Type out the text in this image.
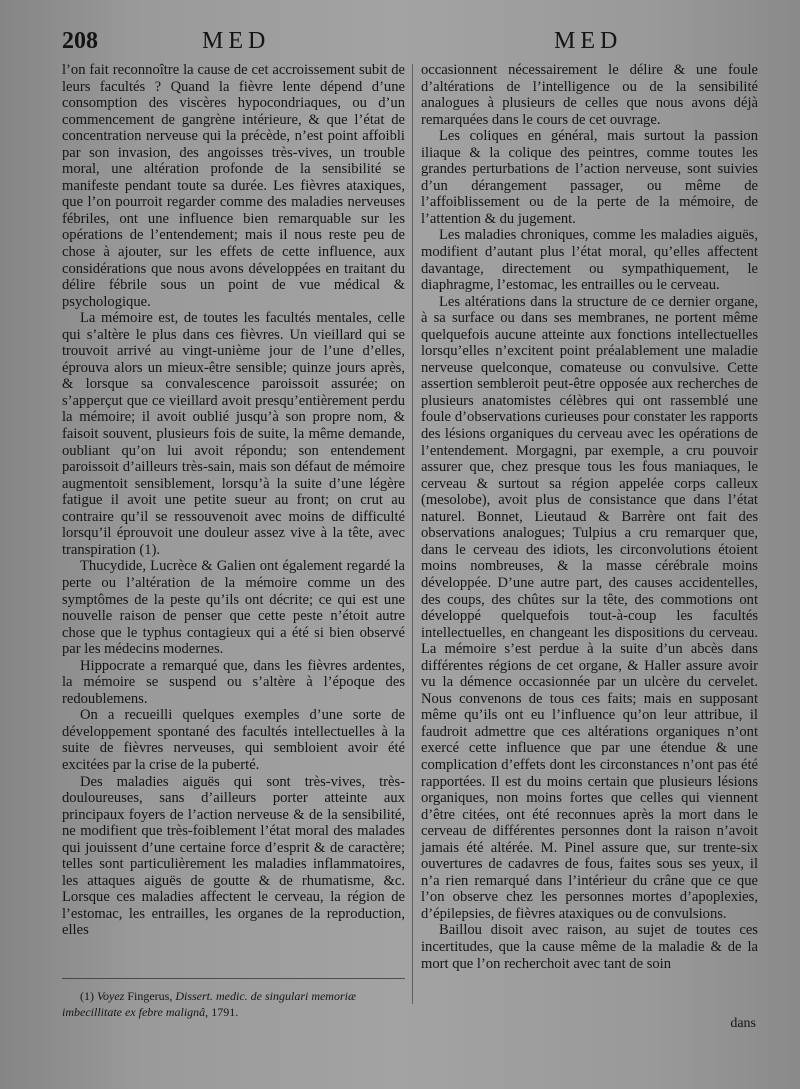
208	MED	MED

l’on fait reconnoître la cause de cet accroissement subit de leurs facultés ? Quand la fièvre lente dépend d’une consomption des viscères hypocondriaques, ou d’un commencement de gangrène intérieure, & que l’état de concentration nerveuse qui la précède, n’est point affoibli par son invasion, des angoisses très-vives, un trouble moral, une altération profonde de la sensibilité se manifeste pendant toute sa durée. Les fièvres ataxiques, que l’on pourroit regarder comme des maladies nerveuses fébriles, ont une influence bien remarquable sur les opérations de l’entendement; mais il nous reste peu de chose à ajouter, sur les effets de cette influence, aux considérations que nous avons développées en traitant du délire fébrile sous un point de vue médical & psychologique.

La mémoire est, de toutes les facultés mentales, celle qui s’altère le plus dans ces fièvres. Un vieillard qui se trouvoit arrivé au vingt-unième jour de l’une d’elles, éprouva alors un mieux-être sensible; quinze jours après, & lorsque sa convalescence paroissoit assurée; on s’apperçut que ce vieillard avoit presqu’entièrement perdu la mémoire; il avoit oublié jusqu’à son propre nom, & faisoit souvent, plusieurs fois de suite, la même demande, oubliant qu’on lui avoit répondu; son entendement paroissoit d’ailleurs très-sain, mais son défaut de mémoire augmentoit sensiblement, lorsqu’à la suite d’une légère fatigue il avoit une petite sueur au front; on crut au contraire qu’il se ressouvenoit avec moins de difficulté lorsqu’il éprouvoit une douleur assez vive à la tête, avec transpiration (1).

Thucydide, Lucrèce & Galien ont également regardé la perte ou l’altération de la mémoire comme un des symptômes de la peste qu’ils ont décrite; ce qui est une nouvelle raison de penser que cette peste n’étoit autre chose que le typhus contagieux qui a été si bien observé par les médecins modernes.

Hippocrate a remarqué que, dans les fièvres ardentes, la mémoire se suspend ou s’altère à l’époque des redoublemens.

On a recueilli quelques exemples d’une sorte de développement spontané des facultés intellectuelles à la suite de fièvres nerveuses, qui sembloient avoir été excitées par la crise de la puberté.

Des maladies aiguës qui sont très-vives, très-douloureuses, sans d’ailleurs porter atteinte aux principaux foyers de l’action nerveuse & de la sensibilité, ne modifient que très-foiblement l’état moral des malades qui jouissent d’une certaine force d’esprit & de caractère; telles sont particulièrement les maladies inflammatoires, les attaques aiguës de goutte & de rhumatisme, &c. Lorsque ces maladies affectent le cerveau, la région de l’estomac, les entrailles, les organes de la reproduction, elles

occasionnent nécessairement le délire & une foule d’altérations de l’intelligence ou de la sensibilité analogues à plusieurs de celles que nous avons déjà remarquées dans le cours de cet ouvrage.

Les coliques en général, mais surtout la passion iliaque & la colique des peintres, comme toutes les grandes perturbations de l’action nerveuse, sont suivies d’un dérangement passager, ou même de l’affoiblissement ou de la perte de la mémoire, de l’attention & du jugement.

Les maladies chroniques, comme les maladies aiguës, modifient d’autant plus l’état moral, qu’elles affectent davantage, directement ou sympathiquement, le diaphragme, l’estomac, les entrailles ou le cerveau.

Les altérations dans la structure de ce dernier organe, à sa surface ou dans ses membranes, ne portent même quelquefois aucune atteinte aux fonctions intellectuelles lorsqu’elles n’excitent point préalablement une maladie nerveuse quelconque, comateuse ou convulsive. Cette assertion sembleroit peut-être opposée aux recherches de plusieurs anatomistes célèbres qui ont rassemblé une foule d’observations curieuses pour constater les rapports des lésions organiques du cerveau avec les opérations de l’entendement. Morgagni, par exemple, a cru pouvoir assurer que, chez presque tous les fous maniaques, le cerveau & surtout sa région appelée corps calleux (mesolobe), avoit plus de consistance que dans l’état naturel. Bonnet, Lieutaud & Barrère ont fait des observations analogues; Tulpius a cru remarquer que, dans le cerveau des idiots, les circonvolutions étoient moins nombreuses, & la masse cérébrale moins développée. D’une autre part, des causes accidentelles, des coups, des chûtes sur la tête, des commotions ont développé quelquefois tout-à-coup les facultés intellectuelles, en changeant les dispositions du cerveau. La mémoire s’est perdue à la suite d’un abcès dans différentes régions de cet organe, & Haller assure avoir vu la démence occasionnée par un ulcère du cervelet. Nous convenons de tous ces faits; mais en supposant même qu’ils ont eu l’influence qu’on leur attribue, il faudroit admettre que ces altérations organiques n’ont exercé cette influence que par une étendue & une complication d’effets dont les circonstances n’ont pas été rapportées. Il est du moins certain que plusieurs lésions organiques, non moins fortes que celles qui viennent d’être citées, ont été reconnues après la mort dans le cerveau de différentes personnes dont la raison n’avoit jamais été altérée. M. Pinel assure que, sur trente-six ouvertures de cadavres de fous, faites sous ses yeux, il n’a rien remarqué dans l’intérieur du crâne que ce que l’on observe chez les personnes mortes d’apoplexies, d’épilepsies, de fièvres ataxiques ou de convulsions.

Baillou disoit avec raison, au sujet de toutes ces incertitudes, que la cause même de la maladie & de la mort que l’on recherchoit avec tant de soin

(1) Voyez Fingerus, Dissert. medic. de singulari memoriæ imbecillitate ex febre malignâ, 1791.
dans
